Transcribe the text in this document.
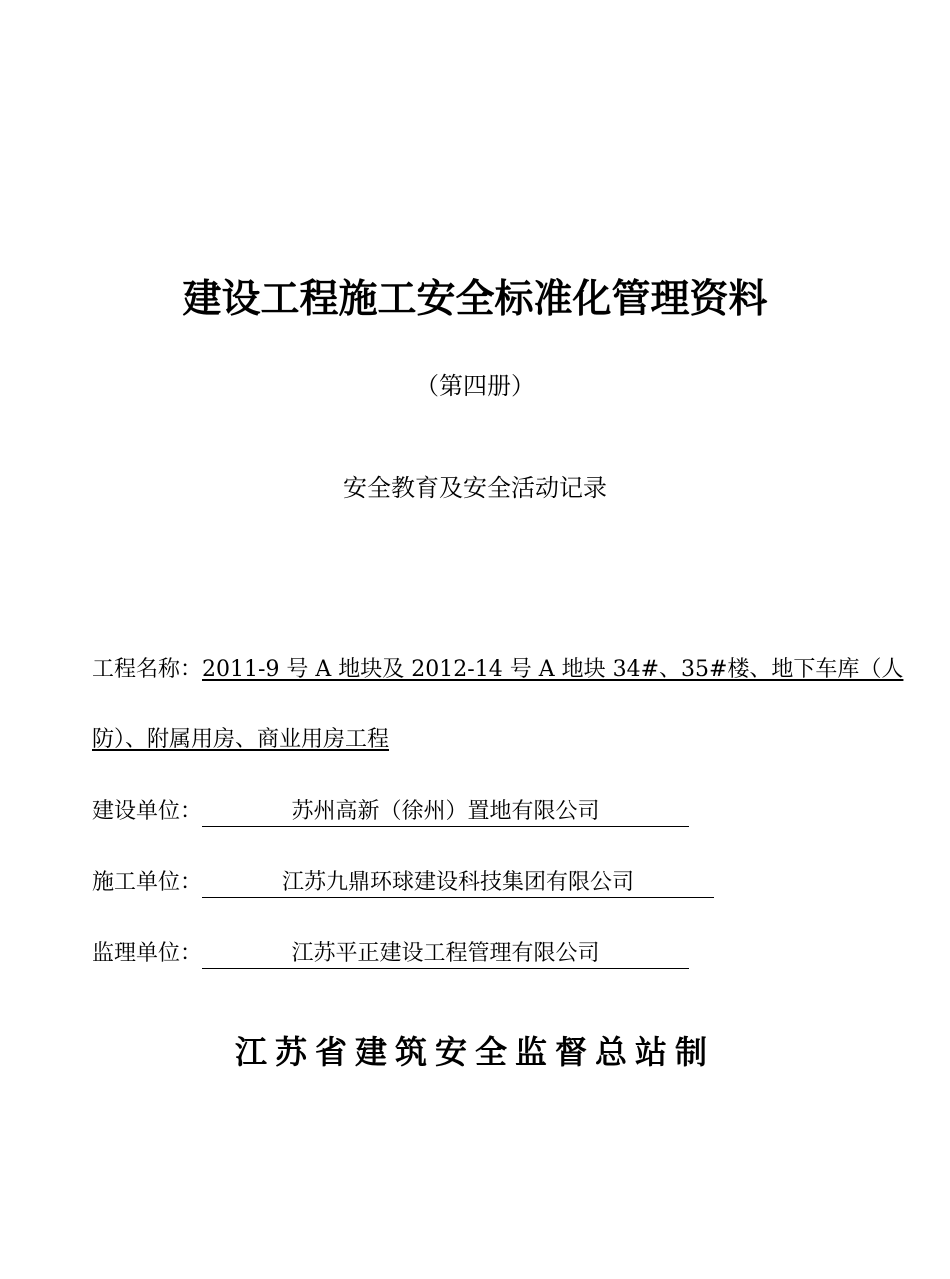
建设工程施工安全标准化管理资料
（第四册）
安全教育及安全活动记录
工程名称：2011-9 号 A 地块及 2012-14 号 A 地块 34#、35#楼、地下车库（人
防）、附属用房、商业用房工程
建设单位：	苏州高新（徐州）置地有限公司
施工单位：	江苏九鼎环球建设科技集团有限公司
监理单位：	江苏平正建设工程管理有限公司
江苏省建筑安全监督总站制
